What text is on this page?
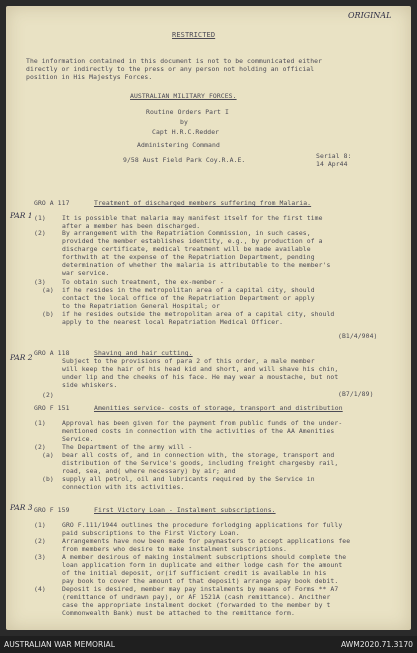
ORIGINAL
RESTRICTED
The information contained in this document is not to be communicated either
directly or indirectly to the press or any person not holding an official
position in His Majestys Forces.
AUSTRALIAN MILITARY FORCES.
Routine Orders Part I
by
Capt H.R.C.Redder
Administering Command
9/58 Aust Field Park Coy.R.A.E.	Serial 8:
14 Apr44
PAR 1
GRO A 117	Treatment of discharged members suffering from Malaria.
(1)	It is possible that malaria may manifest itself for the first time
after a member has been discharged.
(2)	By arrangement with the Repatriation Commission, in such cases,
provided the member establishes identity, e.g., by production of a
discharge certificate, medical treatment will be made available
forthwith at the expense of the Repatriation Department, pending
determination of whether the malaria is attributable to the member's
war service.
(3)	To obtain such treatment, the ex-member -
(a) if he resides in the metropolitan area of a capital city, should
contact the local office of the Repatriation Department or apply
to the Repatriation General Hospital; or
(b) if he resides outside the metropolitan area of a capital city, should
apply to the nearest local Repatriation Medical Officer.
(B1/4/904)
PAR 2 GRO A 118	Shaving and hair cutting.
Subject to the provisions of para 2 of this order, a male member
will keep the hair of his head kid and short, and will shave his chin,
under lip and the cheeks of his face. He may wear a moustache, but not
side whiskers.
(2)	(B7/1/89)
GRO F 151	Amenities service- costs of storage, transport and distribution
(1)	Approval has been given for the payment from public funds of the under-
mentioned costs in connection with the activities of the AA Amenities
Service.
(2)	The Department of the army will -
(a) bear all costs of, and in connection with, the storage, transport and
distribution of the Service's goods, including freight chargesby rail,
road, sea, and( where necessary) by air; and
(b) supply all petrol, oil and lubricants required by the Service in
connection with its activities.
PAR 3 GRO F 159	First Victory Loan - Instalment subscriptions.
(1)	GRO F.111/1944 outlines the procedure forlodging applications for fully
paid subscriptions to the First Victory Loan.
(2)	Arrangements have now been made for paymasters to accept applications fee
from members who desire to make instalment subscriptions.
(3)	A member desirous of making instalment subscriptions should complete the
loan application form in duplicate and either lodge cash for the amount
of the initial deposit, or(if sufficient credit is available in his
pay book to cover the amount of that deposit) arrange apay book debit.
(4)	Deposit is desired, member may pay instalments by means of Forms ** A7
(remittance of undrawn pay), or AF 1521A (cash remittance). Ancither
case the appropriate instalment docket (forwarded to the member by t
Commonwealth Bank) must be attached to the remittance form.
AUSTRALIAN WAR MEMORIAL	AWM2020.71.3170
